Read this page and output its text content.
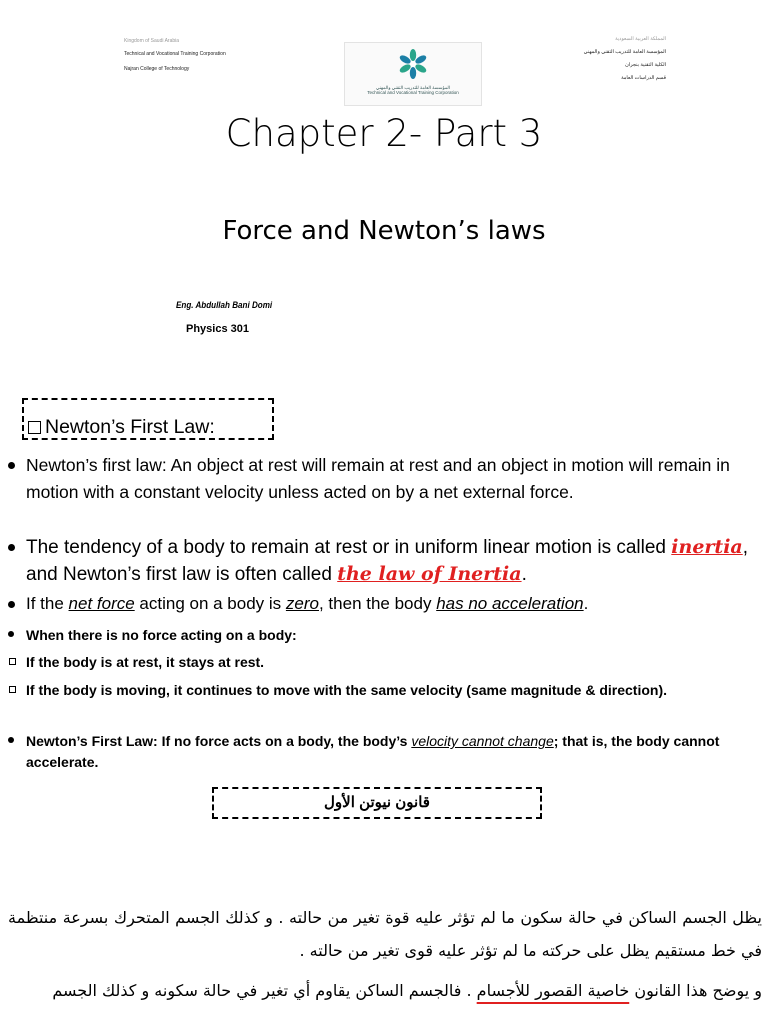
Kingdom of Saudi Arabia
Technical and Vocational Training Corporation
Najran College of Technology
المؤسسة العامة للتدريب التقني والمهني
Technical and Vocational Training Corporation
المملكة العربية السعودية
المؤسسة العامة للتدريب التقني والمهني
الكلية التقنية بنجران
قسم الدراسات العامة
Chapter 2- Part 3
Force and Newton’s laws
Eng. Abdullah Bani Domi
Physics 301
Newton’s First Law:
Newton’s first law: An object at rest will remain at rest and an object in motion will remain in motion with a constant velocity unless acted on by a net external force.
The tendency of a body to remain at rest or in uniform linear motion is called inertia, and Newton’s first law is often called the law of Inertia.
If the net force acting on a body is zero, then the body has no acceleration.
When there is no force acting on a body:
If the body is at rest, it stays at rest.
If the body is moving, it continues to move with the same velocity (same magnitude & direction).
Newton’s First Law: If no force acts on a body, the body’s velocity cannot change; that is, the body cannot accelerate.
قانون نيوتن الأول
يظل الجسم الساكن في حالة سكون ما لم تؤثر عليه قوة تغير من حالته . و كذلك الجسم المتحرك بسرعة منتظمة في خط مستقيم يظل على حركته ما لم تؤثر عليه قوى تغير من حالته .
و يوضح هذا القانون خاصية القصور للأجسام . فالجسم الساكن يقاوم أي تغير في حالة سكونه و كذلك الجسم
